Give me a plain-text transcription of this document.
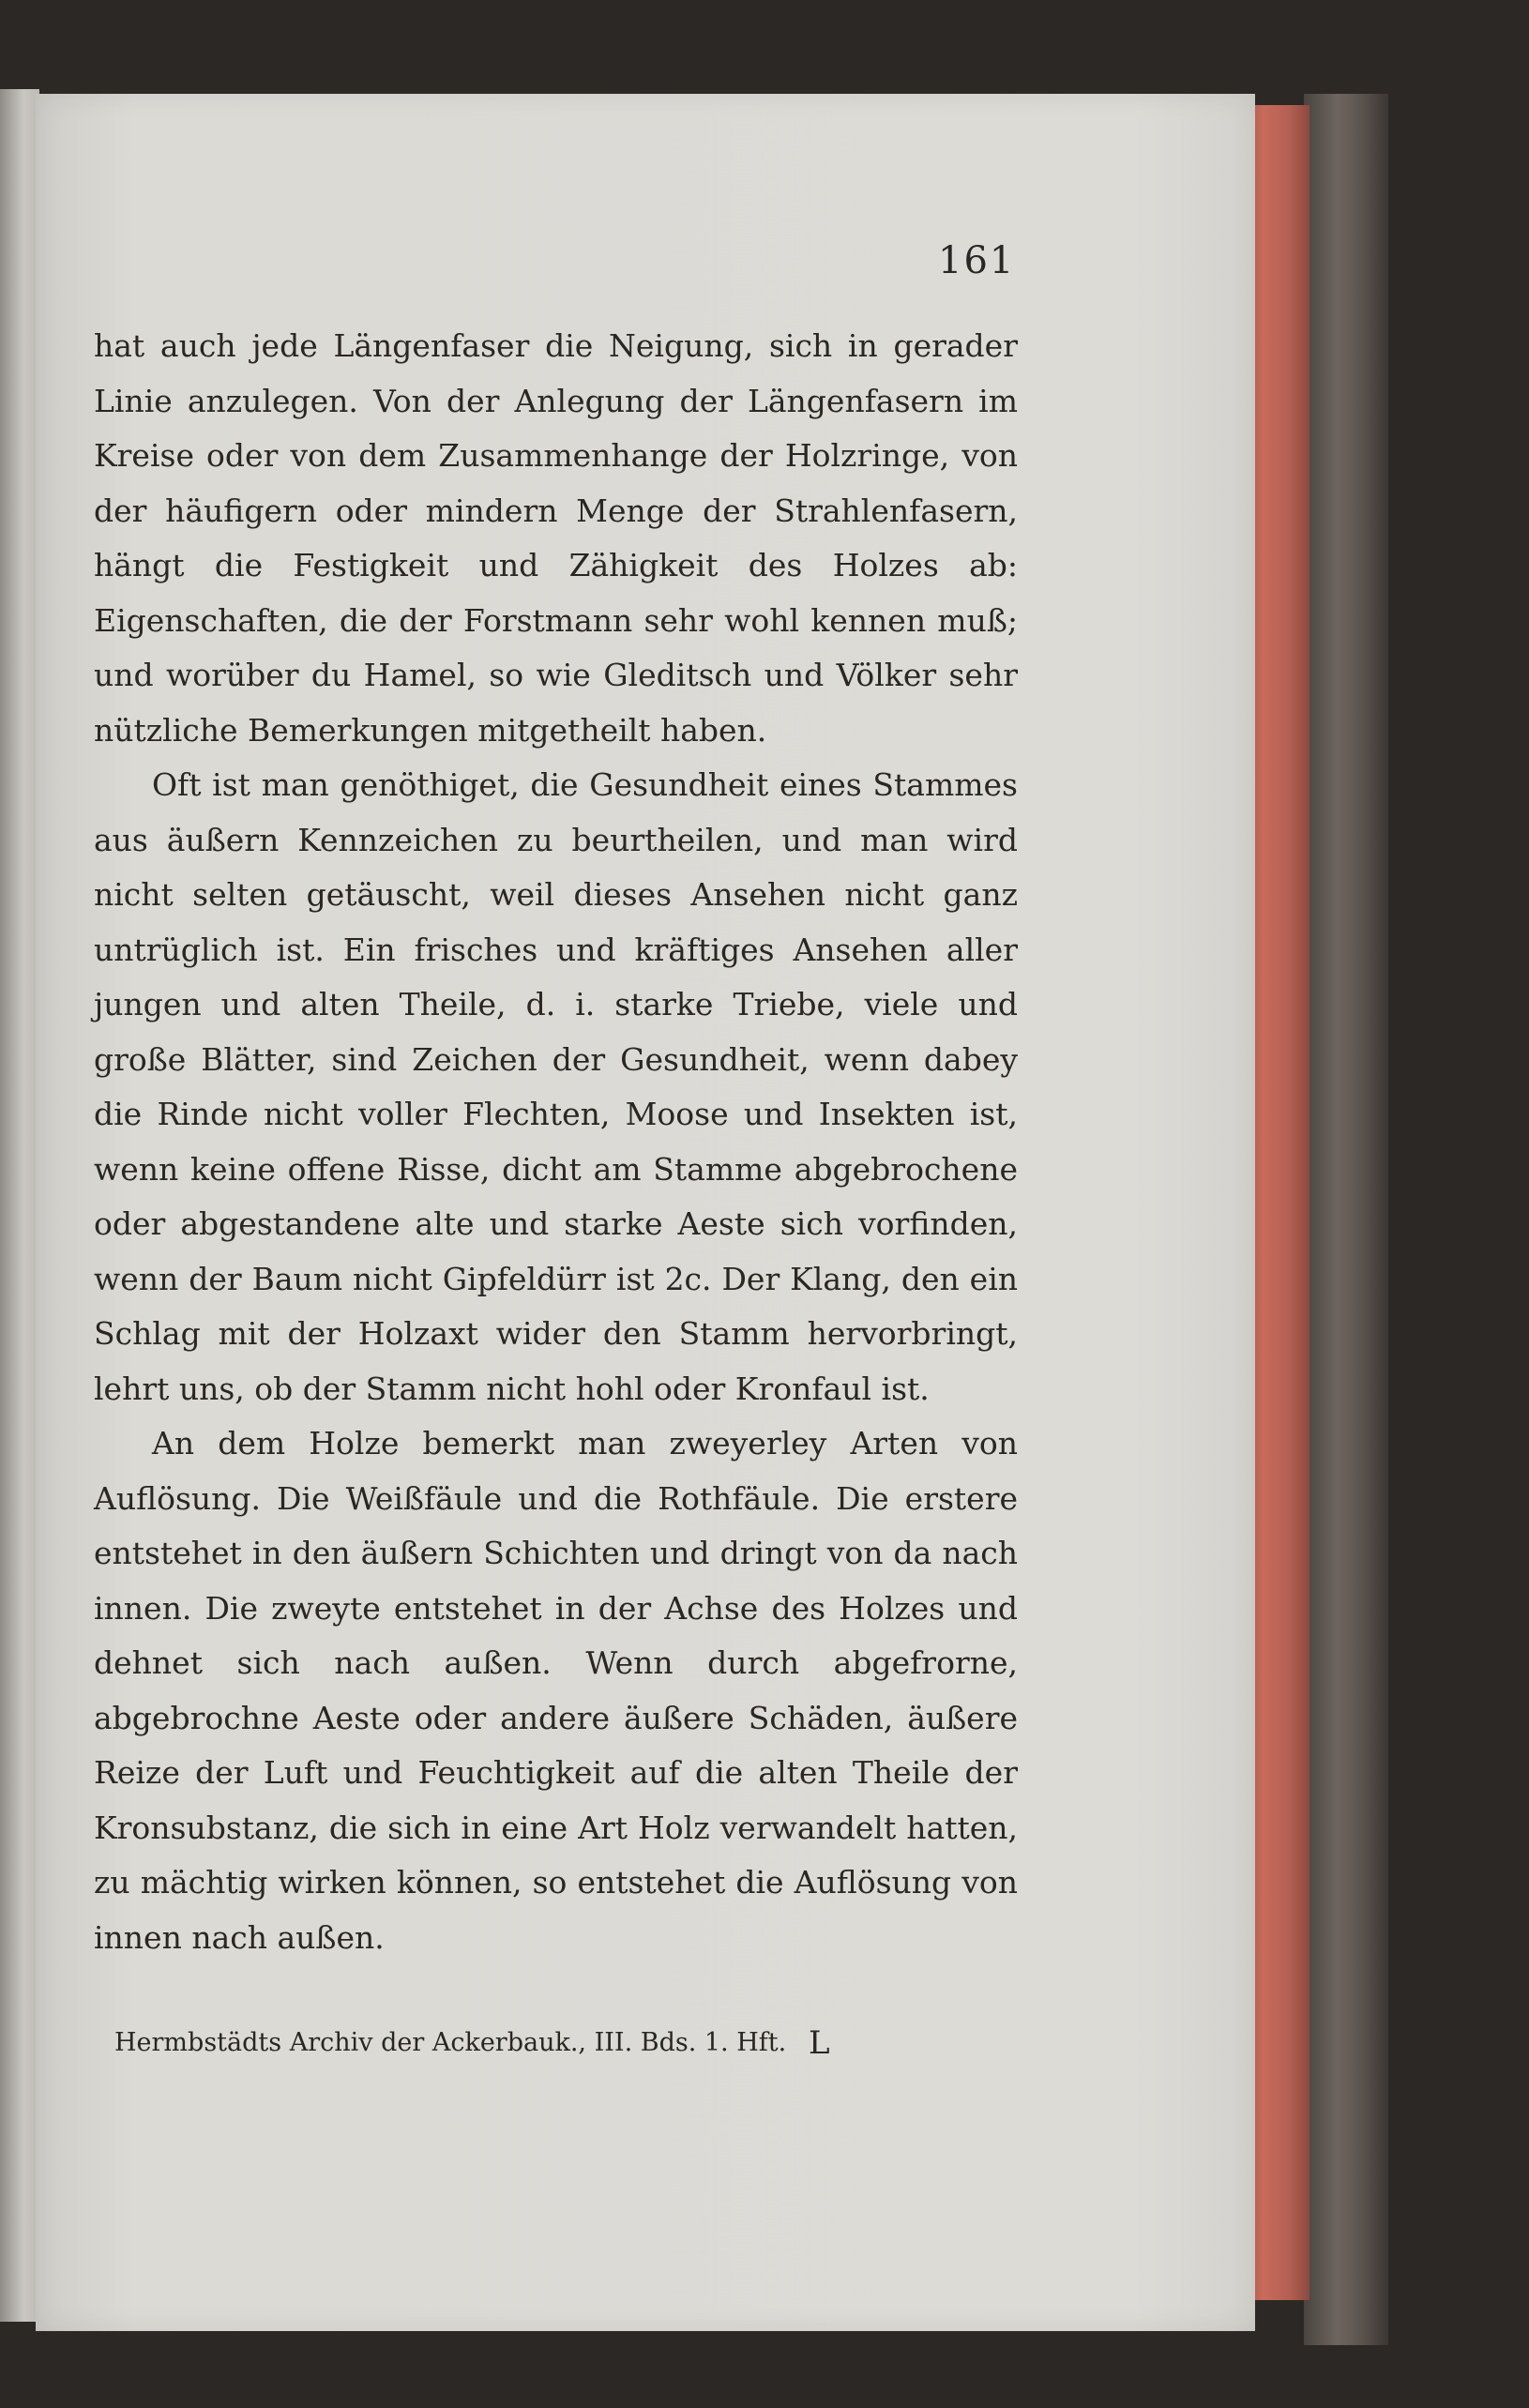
161

hat auch jede Längenfaser die Neigung, sich in gerader Linie anzulegen. Von der Anlegung der Längenfasern im Kreise oder von dem Zusammenhange der Holzringe, von der häufigern oder mindern Menge der Strahlenfasern, hängt die Festigkeit und Zähigkeit des Holzes ab: Eigenschaften, die der Forstmann sehr wohl kennen muß; und worüber du Hamel, so wie Gleditsch und Völker sehr nützliche Bemerkungen mitgetheilt haben.

Oft ist man genöthiget, die Gesundheit eines Stammes aus äußern Kennzeichen zu beurtheilen, und man wird nicht selten getäuscht, weil dieses Ansehen nicht ganz untrüglich ist. Ein frisches und kräftiges Ansehen aller jungen und alten Theile, d. i. starke Triebe, viele und große Blätter, sind Zeichen der Gesundheit, wenn dabey die Rinde nicht voller Flechten, Moose und Insekten ist, wenn keine offene Risse, dicht am Stamme abgebrochene oder abgestandene alte und starke Aeste sich vorfinden, wenn der Baum nicht Gipfeldürr ist 2c. Der Klang, den ein Schlag mit der Holzaxt wider den Stamm hervorbringt, lehrt uns, ob der Stamm nicht hohl oder Kronfaul ist.

An dem Holze bemerkt man zweyerley Arten von Auflösung. Die Weißfäule und die Rothfäule. Die erstere entstehet in den äußern Schichten und dringt von da nach innen. Die zweyte entstehet in der Achse des Holzes und dehnet sich nach außen. Wenn durch abgefrorne, abgebrochne Aeste oder andere äußere Schäden, äußere Reize der Luft und Feuchtigkeit auf die alten Theile der Kronsubstanz, die sich in eine Art Holz verwandelt hatten, zu mächtig wirken können, so entstehet die Auflösung von innen nach außen.

Hermbstädts Archiv der Ackerbauk., III. Bds. 1. Hft. L
